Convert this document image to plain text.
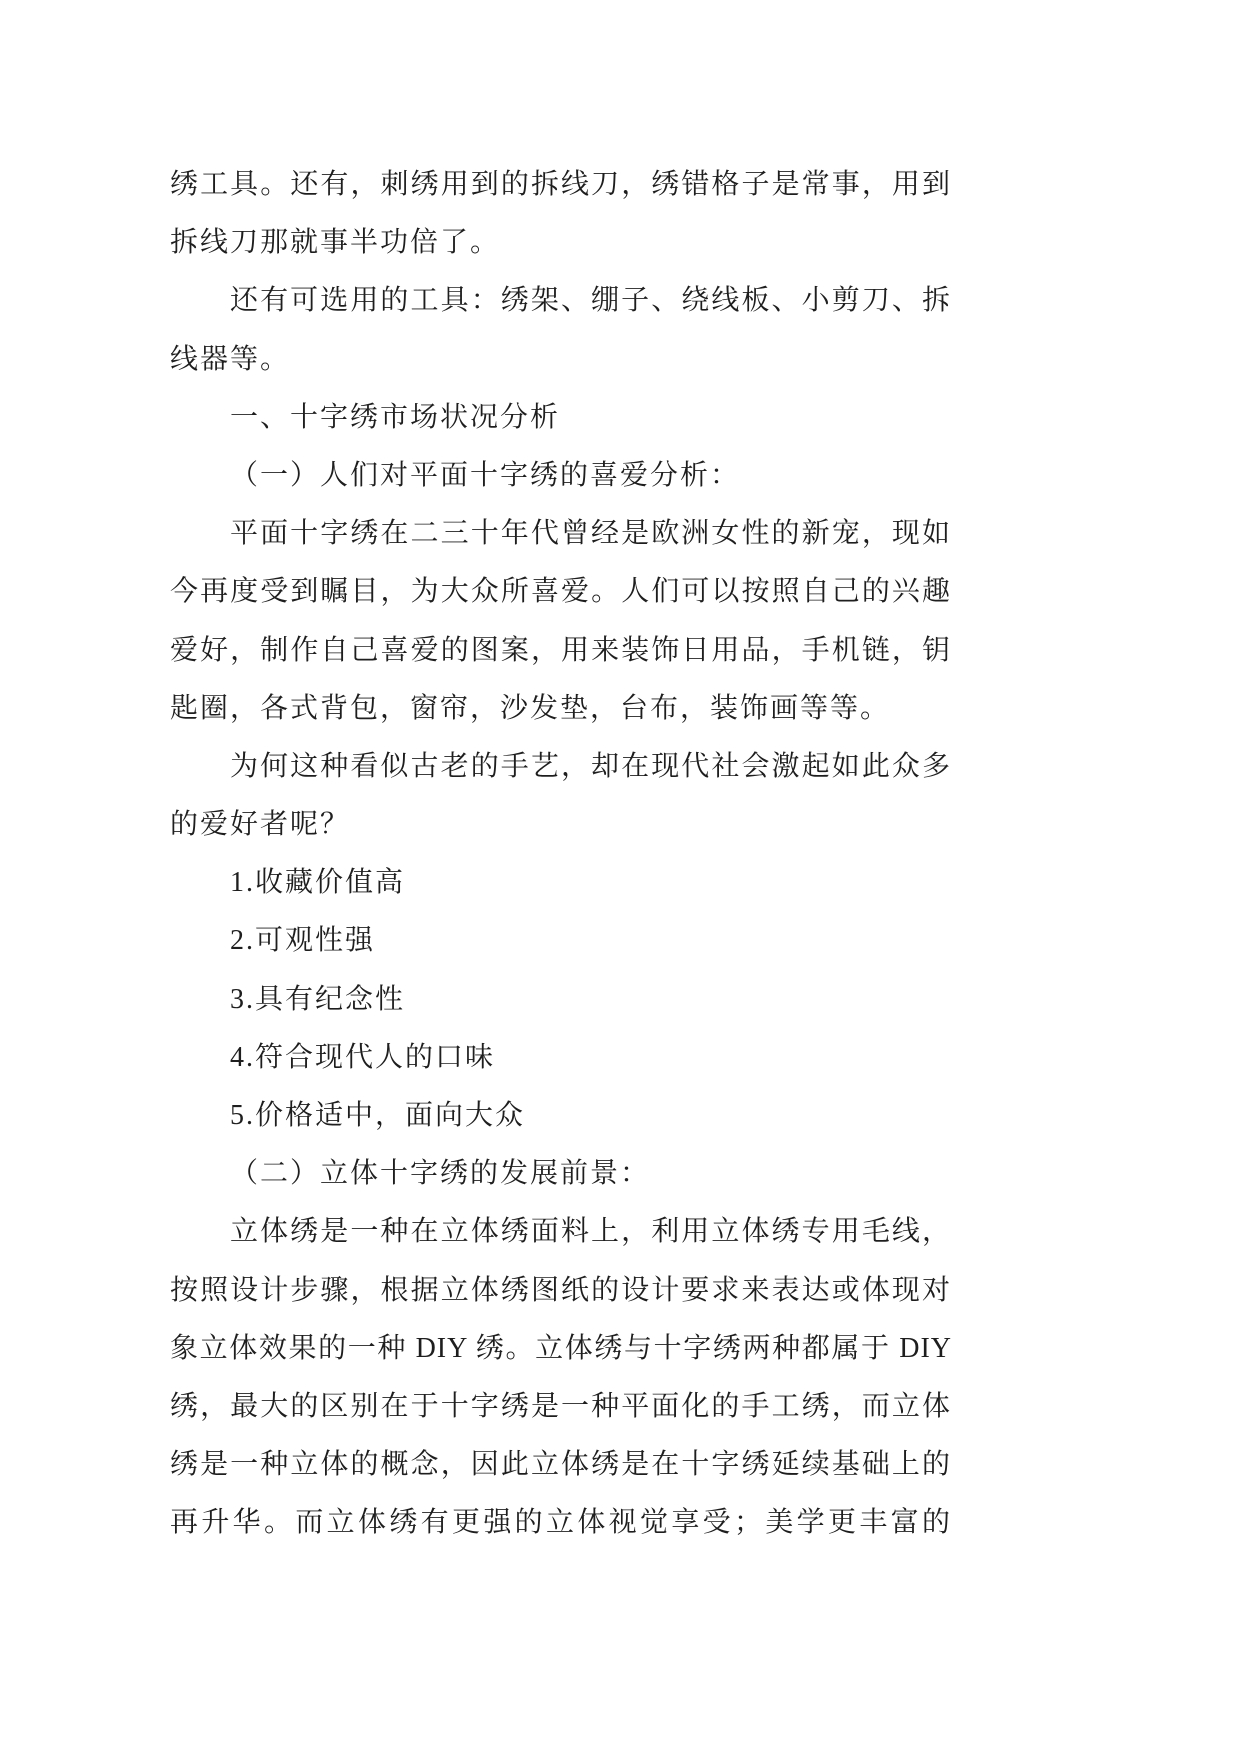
绣工具。还有，刺绣用到的拆线刀，绣错格子是常事，用到
拆线刀那就事半功倍了。
还有可选用的工具：绣架、绷子、绕线板、小剪刀、拆
线器等。
一、十字绣市场状况分析
（一）人们对平面十字绣的喜爱分析：
平面十字绣在二三十年代曾经是欧洲女性的新宠，现如
今再度受到瞩目，为大众所喜爱。人们可以按照自己的兴趣
爱好，制作自己喜爱的图案，用来装饰日用品，手机链，钥
匙圈，各式背包，窗帘，沙发垫，台布，装饰画等等。
为何这种看似古老的手艺，却在现代社会激起如此众多
的爱好者呢？
1.收藏价值高
2.可观性强
3.具有纪念性
4.符合现代人的口味
5.价格适中，面向大众
（二）立体十字绣的发展前景：
立体绣是一种在立体绣面料上，利用立体绣专用毛线，
按照设计步骤，根据立体绣图纸的设计要求来表达或体现对
象立体效果的一种 DIY 绣。立体绣与十字绣两种都属于 DIY
绣，最大的区别在于十字绣是一种平面化的手工绣，而立体
绣是一种立体的概念，因此立体绣是在十字绣延续基础上的
再升华。而立体绣有更强的立体视觉享受；美学更丰富的
